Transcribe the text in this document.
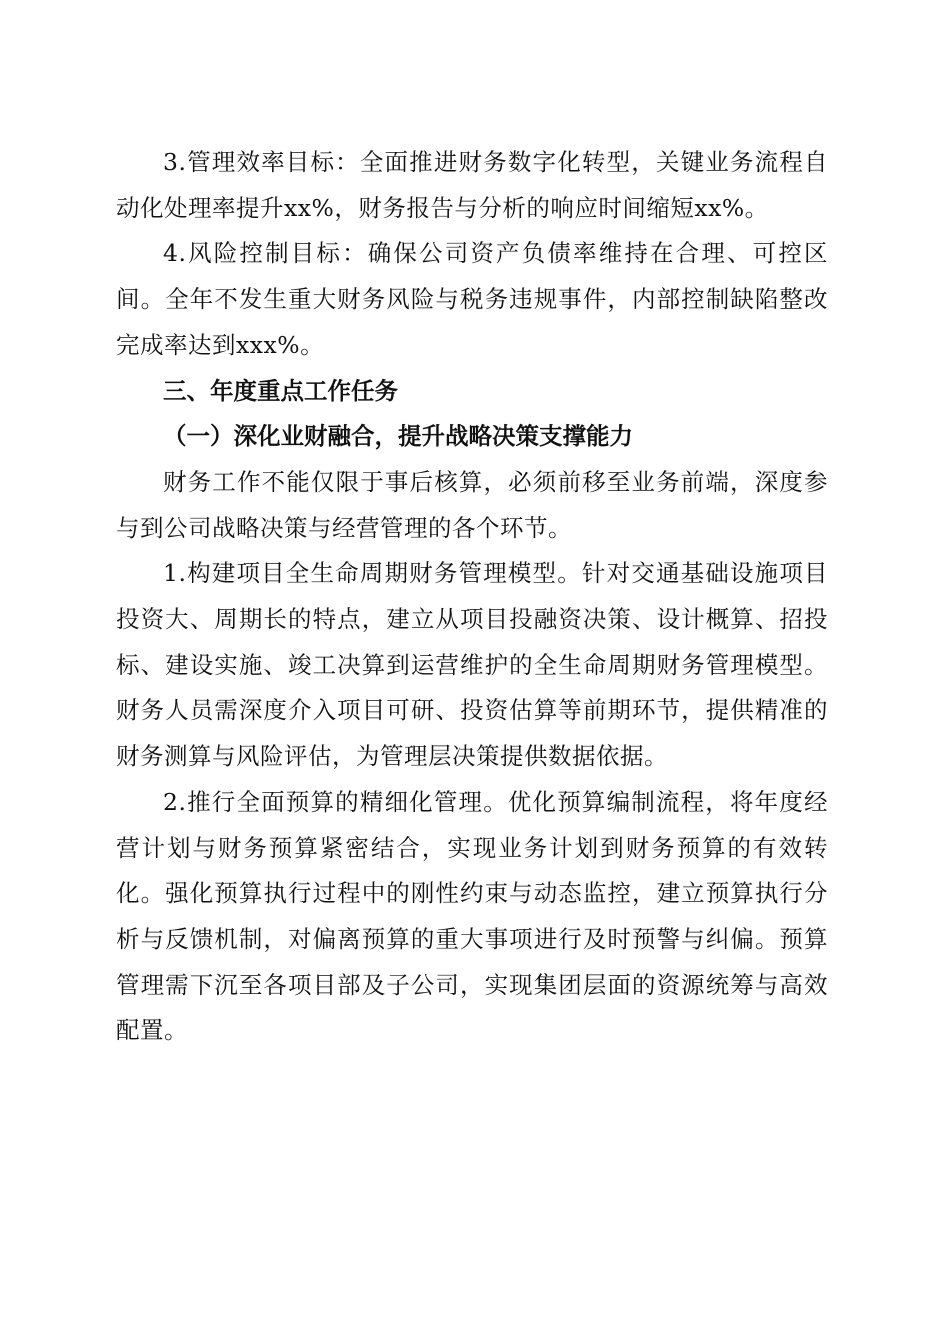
3.管理效率目标：全面推进财务数字化转型，关键业务流程自动化处理率提升xx%，财务报告与分析的响应时间缩短xx%。

4.风险控制目标：确保公司资产负债率维持在合理、可控区间。全年不发生重大财务风险与税务违规事件，内部控制缺陷整改完成率达到xxx%。

三、年度重点工作任务

（一）深化业财融合，提升战略决策支撑能力

财务工作不能仅限于事后核算，必须前移至业务前端，深度参与到公司战略决策与经营管理的各个环节。

1.构建项目全生命周期财务管理模型。针对交通基础设施项目投资大、周期长的特点，建立从项目投融资决策、设计概算、招投标、建设实施、竣工决算到运营维护的全生命周期财务管理模型。财务人员需深度介入项目可研、投资估算等前期环节，提供精准的财务测算与风险评估，为管理层决策提供数据依据。

2.推行全面预算的精细化管理。优化预算编制流程，将年度经营计划与财务预算紧密结合，实现业务计划到财务预算的有效转化。强化预算执行过程中的刚性约束与动态监控，建立预算执行分析与反馈机制，对偏离预算的重大事项进行及时预警与纠偏。预算管理需下沉至各项目部及子公司，实现集团层面的资源统筹与高效配置。
